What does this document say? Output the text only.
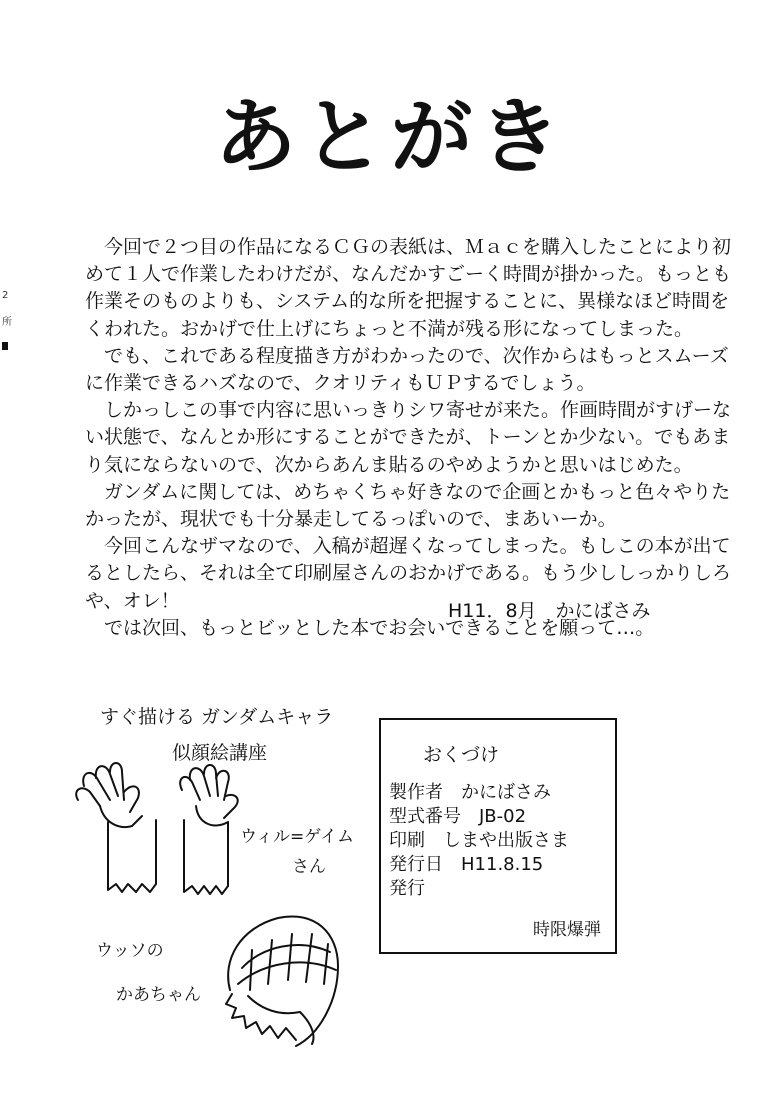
あとがき
2
所

　今回で２つ目の作品になるＣＧの表紙は、Ｍａｃを購入したことにより初

めて１人で作業したわけだが、なんだかすごーく時間が掛かった。もっとも

作業そのものよりも、システム的な所を把握することに、異様なほど時間を

くわれた。おかげで仕上げにちょっと不満が残る形になってしまった。

　でも、これである程度描き方がわかったので、次作からはもっとスムーズ

に作業できるハズなので、クオリティもＵＰするでしょう。

　しかっしこの事で内容に思いっきりシワ寄せが来た。作画時間がすげーな

い状態で、なんとか形にすることができたが、トーンとか少ない。でもあま

り気にならないので、次からあんま貼るのやめようかと思いはじめた。

　ガンダムに関しては、めちゃくちゃ好きなので企画とかもっと色々やりた

かったが、現状でも十分暴走してるっぽいので、まあいーか。

　今回こんなザマなので、入稿が超遅くなってしまった。もしこの本が出て

るとしたら、それは全て印刷屋さんのおかげである。もう少ししっかりしろ

や、オレ！

　では次回、もっとビッとした本でお会いできることを願って…。

H11．8月　かにばさみ
すぐ描ける ガンダムキャラ
似顔絵講座
ウィル=ゲイム
さん
ウッソの
かあちゃん
おくづけ
製作者　かにばさみ
型式番号　JB-02
印刷　しまや出版さま
発行日　H11.8.15
発行
時限爆弾
